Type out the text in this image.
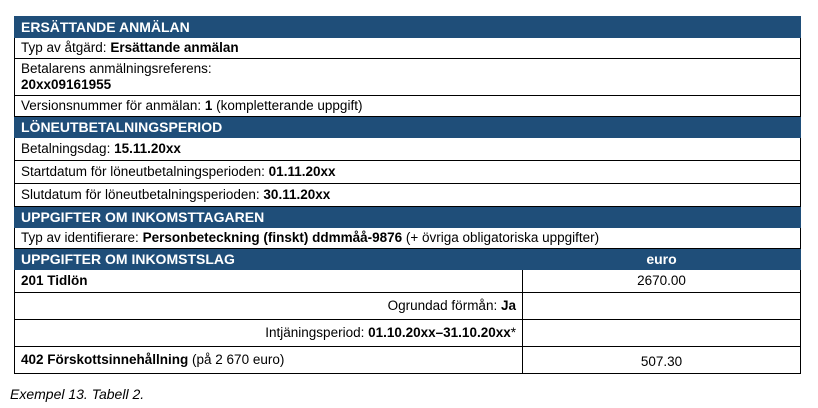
ERSÄTTANDE ANMÄLAN	
Typ av åtgärd: Ersättande anmälan	

Betalarens anmälningsreferens:
20xx09161955	

Versionsnummer för anmälan: 1 (kompletterande uppgift)	
LÖNEUTBETALNINGSPERIOD	
Betalningsdag: 15.11.20xx	
Startdatum för löneutbetalningsperioden: 01.11.20xx	
Slutdatum för löneutbetalningsperioden: 30.11.20xx	
UPPGIFTER OM INKOMSTTAGAREN	
Typ av identifierare: Personbeteckning (finskt) ddmmåå-9876 (+ övriga obligatoriska uppgifter)	
UPPGIFTER OM INKOMSTSLAG	euro
201 Tidlön	2670.00
Ogrundad förmån: Ja	
Intjäningsperiod: 01.10.20xx–31.10.20xx*	
402 Förskottsinnehållning (på 2 670 euro)	507.30
Exempel 13. Tabell 2.
